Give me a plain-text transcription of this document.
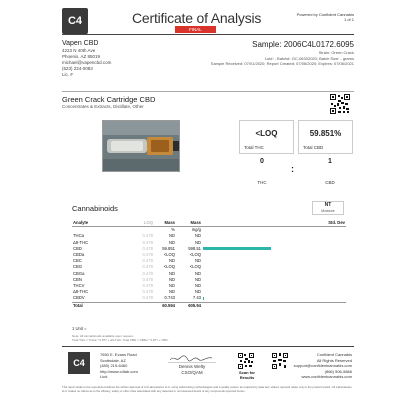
C4	Certificate of Analysis
FINAL
Powered by Confident Cannabis
1 of 1
Vapen CBD
4223 N 40th Ave
Phoenix, AZ 85019
michael@vapencbd.com
(623) 224-0083
Lic. #
Sample: 2006C4L0172.6095
Strain: Green Crack
Lot#: ; Batch#: GC-06302020; Batch Size: - grams
Sample Received: 07/01/2020; Report Created: 07/06/2020; Expires: 07/06/2021
Green Crack Cartridge CBD
Concentrates & Extracts, Distillate, Other
<LOQ
Total THC
59.851%
Total CBD
0
THC
:
1
CBD
Cannabinoids	NT
Moisture
Analyte	LOQ	Mass	Mass		Std. Dev
		%	mg/g		
THCa	0.478	ND	ND		
Δ9-THC	0.478	ND	ND		
CBD	0.478	59.851	598.51	

CBDa	0.478	<LOQ	<LOQ		
CBC	0.478	ND	ND		
CBG	0.478	<LOQ	<LOQ		
CBGa	0.478	ND	ND		
CBN	0.478	ND	ND		
THCV	0.478	ND	ND		
Δ8-THC	0.478	ND	ND		
CBDV	0.478	0.743	7.43	

Total		60.594	605.94		
1 Unit =
Note: All cannabinoids available upon request.
Total THC = THCa * 0.877 + Δ9-THC; Total CBD = CBDa * 0.877 + CBD.
C4
7650 E. Evans Road
Scottsdale, AZ
(480) 219-6460
http://www.c4lab.com
Lic#
Dennis Welty
CSO/QAM	Scan for
Results
Confident Cannabis
All Rights Reserved
support@confidentcannabis.com
(866) 506-5866
www.confidentcannabis.com
This report shall not be reproduced without the written approval of C4 Laboratories LLC, using valid testing methodologies and a quality system as required by state law. Values reported relate only to the product tested. C4 Laboratories LLC makes no claims as to the efficacy, safety or other risks associated with any detected or non-detected levels of any compounds reported herein.
